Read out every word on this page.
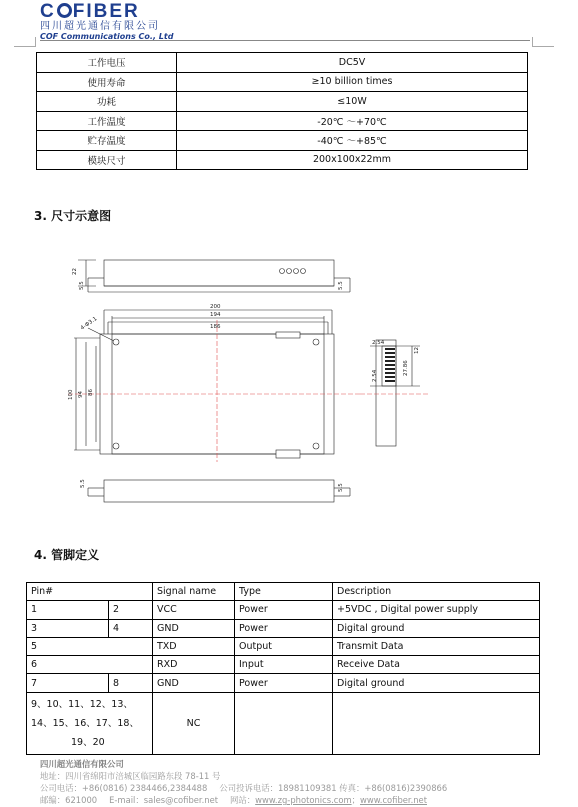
C FIBER
四川超光通信有限公司
COF Communications Co., Ltd
工作电压	DC5V
使用寿命	≥10 billion times
功耗	≤10W
工作温度	-20℃ ～+70℃
贮存温度	-40℃ ～+85℃
模块尺寸	200x100x22mm
3. 尺寸示意图
22
5.5	5.5
200
194
186
4-Φ3.1
100 94 86
5.5	5.5
2.54
12
2.54	27.86
4. 管脚定义
Pin#		Signal name	Type	Description
1	2	VCC	Power	+5VDC , Digital power supply
3	4	GND	Power	Digital ground
5		TXD	Output	Transmit Data
6		RXD	Input	Receive Data
7	8	GND	Power	Digital ground

9、10、11、12、13、
14、15、16、17、18、
19、20		NC		
四川超光通信有限公司
地址：四川省绵阳市涪城区临园路东段 78-11 号
公司电话：+86(0816) 2384466,2384488 公司投诉电话：18981109381 传真：+86(0816)2390866
邮编：621000 E-mail：sales@cofiber.net 网站：www.zg-photonics.com；www.cofiber.net
